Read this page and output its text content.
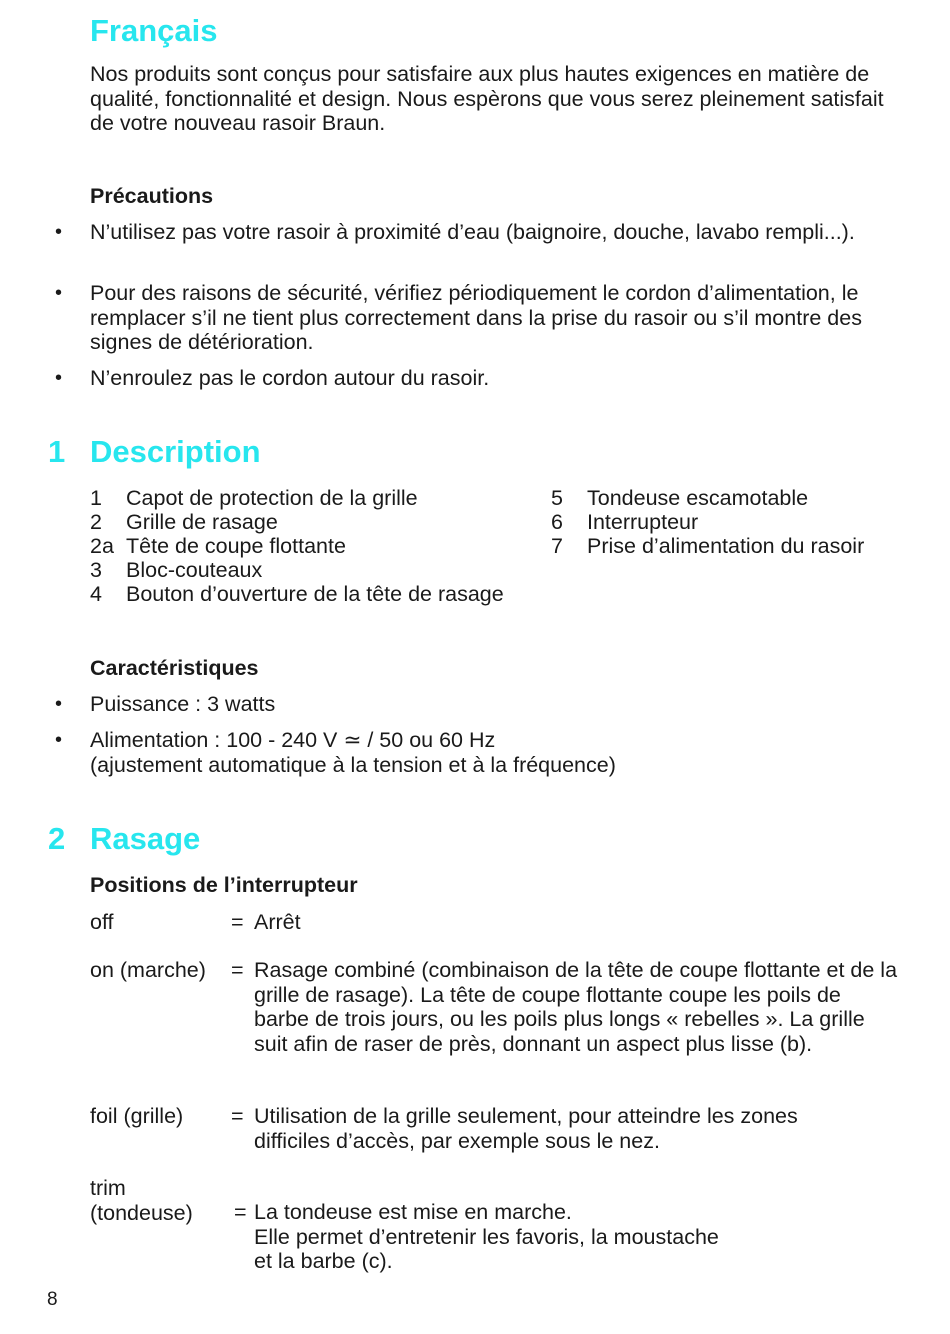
Français
Nos produits sont conçus pour satisfaire aux plus hautes exigences en matière de qualité, fonctionnalité et design. Nous espèrons que vous serez pleinement satisfait de votre nouveau rasoir Braun.
Précautions
• N’utilisez pas votre rasoir à proximité d’eau (baignoire, douche, lavabo rempli...).
• Pour des raisons de sécurité, vérifiez périodiquement le cordon d’alimentation, le remplacer s’il ne tient plus correctement dans la prise du rasoir ou s’il montre des signes de détérioration.
• N’enroulez pas le cordon autour du rasoir.
1 Description
1 Capot de protection de la grille
2 Grille de rasage
2a Tête de coupe flottante
3 Bloc-couteaux
4 Bouton d’ouverture de la tête de rasage
5 Tondeuse escamotable
6 Interrupteur
7 Prise d’alimentation du rasoir
Caractéristiques
• Puissance : 3 watts
• Alimentation : 100 - 240 V ≃ / 50 ou 60 Hz
(ajustement automatique à la tension et à la fréquence)
2 Rasage
Positions de l’interrupteur
off	= Arrêt
on (marche) = Rasage combiné (combinaison de la tête de coupe flottante et de la grille de rasage). La tête de coupe flottante coupe les poils de barbe de trois jours, ou les poils plus longs « rebelles ». La grille suit afin de raser de près, donnant un aspect plus lisse (b).
foil (grille) = Utilisation de la grille seulement, pour atteindre les zones difficiles d’accès, par exemple sous le nez.
trim
(tondeuse) = La tondeuse est mise en marche.
Elle permet d’entretenir les favoris, la moustache
et la barbe (c).
8
